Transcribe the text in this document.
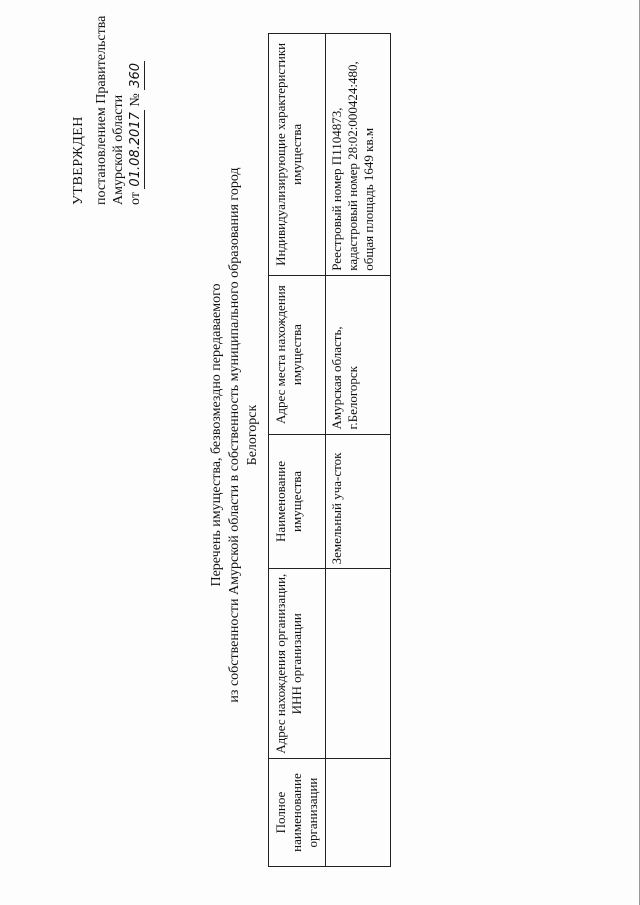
УТВЕРЖДЕН постановлением Правительства Амурской области от 01.08.2017 № 360
Перечень имущества, безвозмездно передаваемого из собственности Амурской области в собственность муниципального образования город Белогорск
Полное наименование организации	Адрес нахождения организации, ИНН организации	Наименование имущества	Адрес места нахождения имущества	Индивидуализирующие характеристики имущества
		Земельный уча-сток	Амурская область, г.Белогорск	Реестровый номер П1104873, кадастровый номер 28:02:000424:480, общая площадь 1649 кв.м
